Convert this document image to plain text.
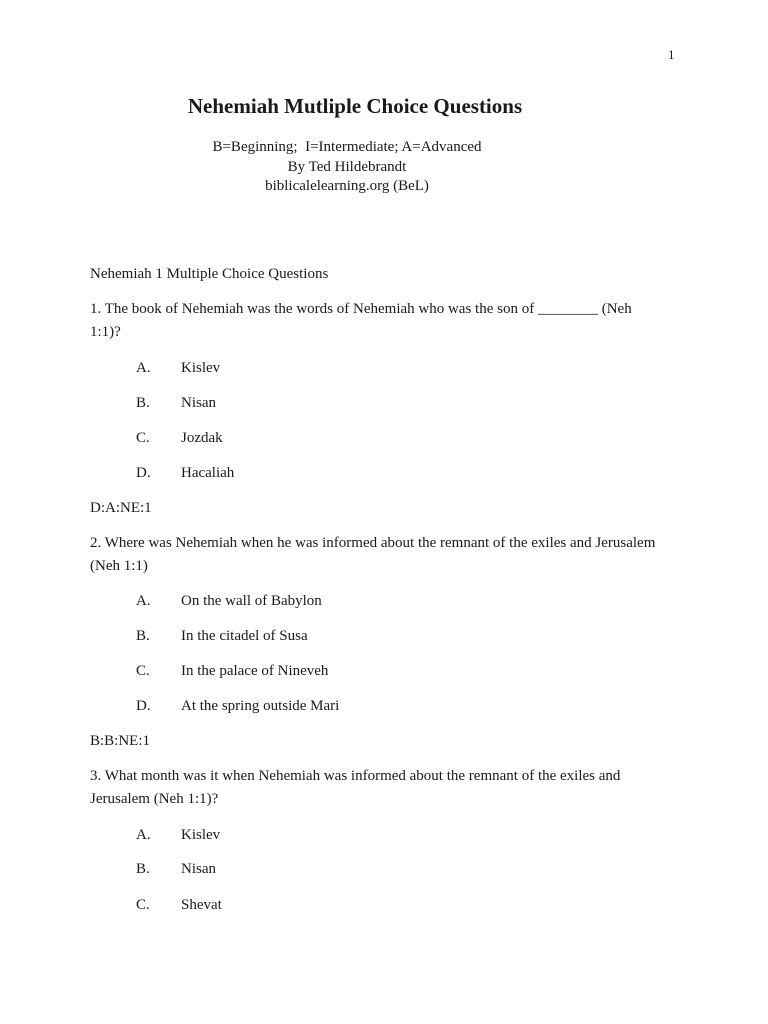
1
Nehemiah Mutliple Choice Questions
B=Beginning;  I=Intermediate; A=Advanced
By Ted Hildebrandt
biblicalelearning.org (BeL)
Nehemiah 1 Multiple Choice Questions
1. The book of Nehemiah was the words of Nehemiah who was the son of ________ (Neh 1:1)?
A.	Kislev
B.	Nisan
C.	Jozdak
D.	Hacaliah
D:A:NE:1
2. Where was Nehemiah when he was informed about the remnant of the exiles and Jerusalem (Neh 1:1)
A.	On the wall of Babylon
B.	In the citadel of Susa
C.	In the palace of Nineveh
D.	At the spring outside Mari
B:B:NE:1
3. What month was it when Nehemiah was informed about the remnant of the exiles and Jerusalem (Neh 1:1)?
A.	Kislev
B.	Nisan
C.	Shevat
